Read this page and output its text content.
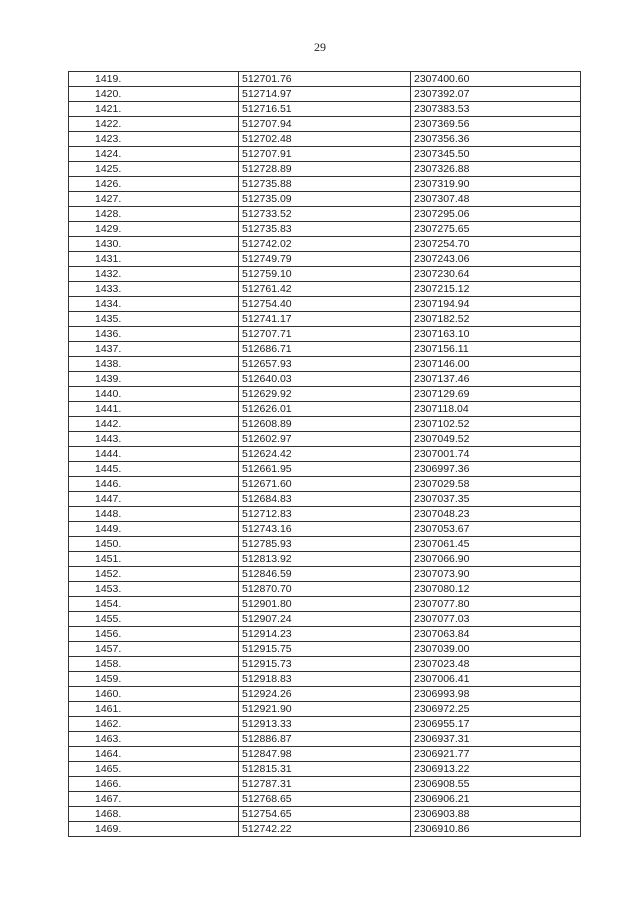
29
1419.	512701.76	2307400.60
1420.	512714.97	2307392.07
1421.	512716.51	2307383.53
1422.	512707.94	2307369.56
1423.	512702.48	2307356.36
1424.	512707.91	2307345.50
1425.	512728.89	2307326.88
1426.	512735.88	2307319.90
1427.	512735.09	2307307.48
1428.	512733.52	2307295.06
1429.	512735.83	2307275.65
1430.	512742.02	2307254.70
1431.	512749.79	2307243.06
1432.	512759.10	2307230.64
1433.	512761.42	2307215.12
1434.	512754.40	2307194.94
1435.	512741.17	2307182.52
1436.	512707.71	2307163.10
1437.	512686.71	2307156.11
1438.	512657.93	2307146.00
1439.	512640.03	2307137.46
1440.	512629.92	2307129.69
1441.	512626.01	2307118.04
1442.	512608.89	2307102.52
1443.	512602.97	2307049.52
1444.	512624.42	2307001.74
1445.	512661.95	2306997.36
1446.	512671.60	2307029.58
1447.	512684.83	2307037.35
1448.	512712.83	2307048.23
1449.	512743.16	2307053.67
1450.	512785.93	2307061.45
1451.	512813.92	2307066.90
1452.	512846.59	2307073.90
1453.	512870.70	2307080.12
1454.	512901.80	2307077.80
1455.	512907.24	2307077.03
1456.	512914.23	2307063.84
1457.	512915.75	2307039.00
1458.	512915.73	2307023.48
1459.	512918.83	2307006.41
1460.	512924.26	2306993.98
1461.	512921.90	2306972.25
1462.	512913.33	2306955.17
1463.	512886.87	2306937.31
1464.	512847.98	2306921.77
1465.	512815.31	2306913.22
1466.	512787.31	2306908.55
1467.	512768.65	2306906.21
1468.	512754.65	2306903.88
1469.	512742.22	2306910.86
